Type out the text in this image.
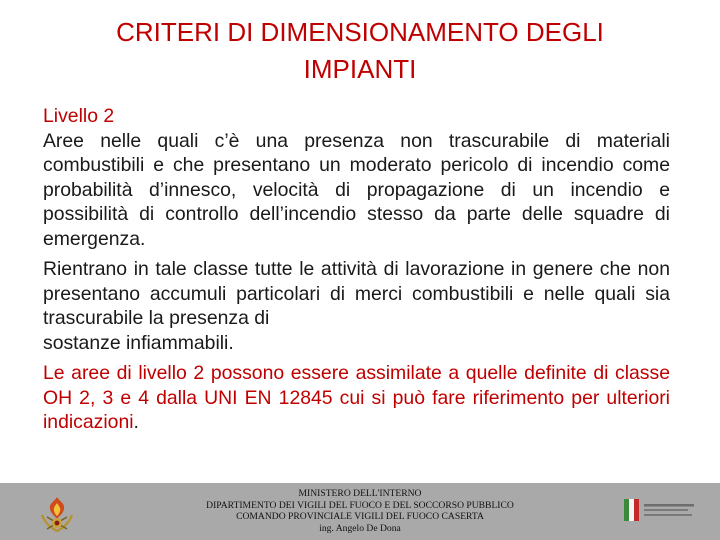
CRITERI DI DIMENSIONAMENTO DEGLI
IMPIANTI

Livello 2

Aree nelle quali c’è una presenza non trascurabile di materiali combustibili e che presentano un moderato pericolo di incendio come probabilità d’innesco, velocità di propagazione di un incendio e possibilità di controllo dell’incendio stesso da parte delle squadre di emergenza.

Rientrano in tale classe tutte le attività di lavorazione in genere che non presentano accumuli particolari di merci combustibili e nelle quali sia trascurabile la presenza di
sostanze infiammabili.

Le aree di livello 2 possono essere assimilate a quelle definite di classe OH 2, 3 e 4 dalla UNI EN 12845 cui si può fare riferimento per ulteriori indicazioni.

MINISTERO DELL'INTERNO
DIPARTIMENTO DEI VIGILI DEL FUOCO E DEL SOCCORSO PUBBLICO
COMANDO PROVINCIALE VIGILI DEL FUOCO CASERTA
ing. Angelo De Dona
